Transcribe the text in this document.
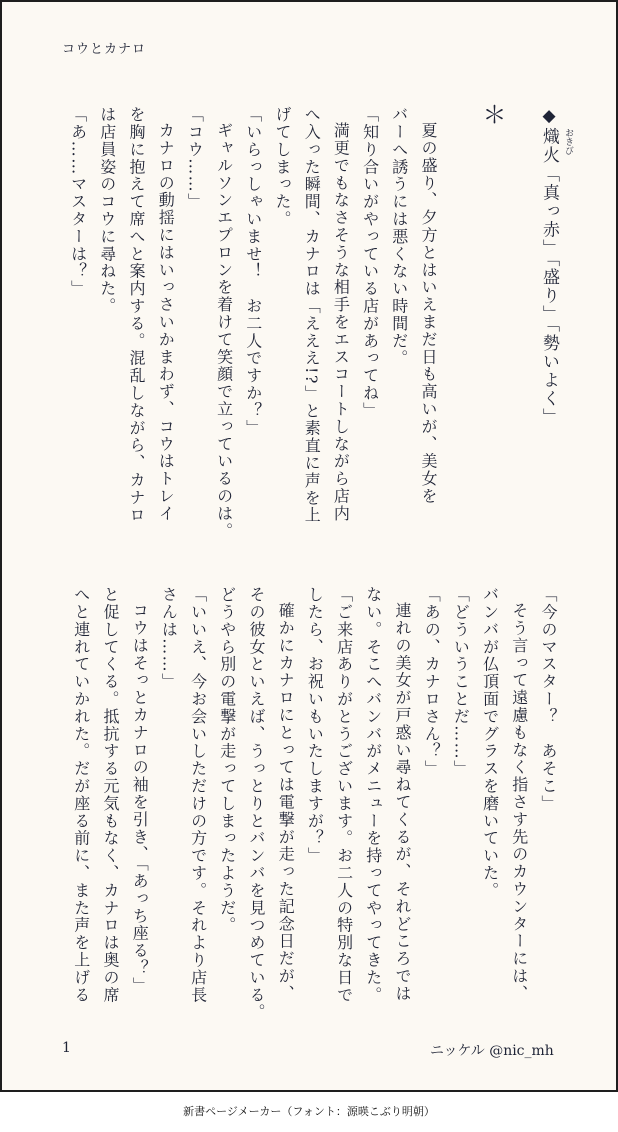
コウとカナロ
◆熾火「真っ赤」「盛り」「勢いよく」 おきび
＊
夏の盛り、夕方とはいえまだ日も高いが、美女を
バーへ誘うには悪くない時間だ。
「知り合いがやっている店があってね」
満更でもなさそうな相手をエスコートしながら店内
へ入った瞬間、カナロは「えええ!?」と素直に声を上
げてしまった。
「いらっしゃいませ！　お二人ですか？」
ギャルソンエプロンを着けて笑顔で立っているのは。
「コウ……」
カナロの動揺にはいっさいかまわず、コウはトレイ
を胸に抱えて席へと案内する。混乱しながら、カナロ
は店員姿のコウに尋ねた。
「あ……マスターは？」
「今のマスター？　あそこ」
そう言って遠慮もなく指さす先のカウンターには、
バンバが仏頂面でグラスを磨いていた。
「どういうことだ……」
「あの、カナロさん？」
連れの美女が戸惑い尋ねてくるが、それどころでは
ない。そこへバンバがメニューを持ってやってきた。
「ご来店ありがとうございます。お二人の特別な日で
したら、お祝いもいたしますが？」
確かにカナロにとっては電撃が走った記念日だが、
その彼女といえば、うっとりとバンバを見つめている。
どうやら別の電撃が走ってしまったようだ。
「いいえ、今お会いしただけの方です。それより店長
さんは……」
コウはそっとカナロの袖を引き、「あっち座る？」
と促してくる。抵抗する元気もなく、カナロは奥の席
へと連れていかれた。だが座る前に、また声を上げる
1	ニッケル @nic_mh
新書ページメーカー（フォント：源暎こぶり明朝）
